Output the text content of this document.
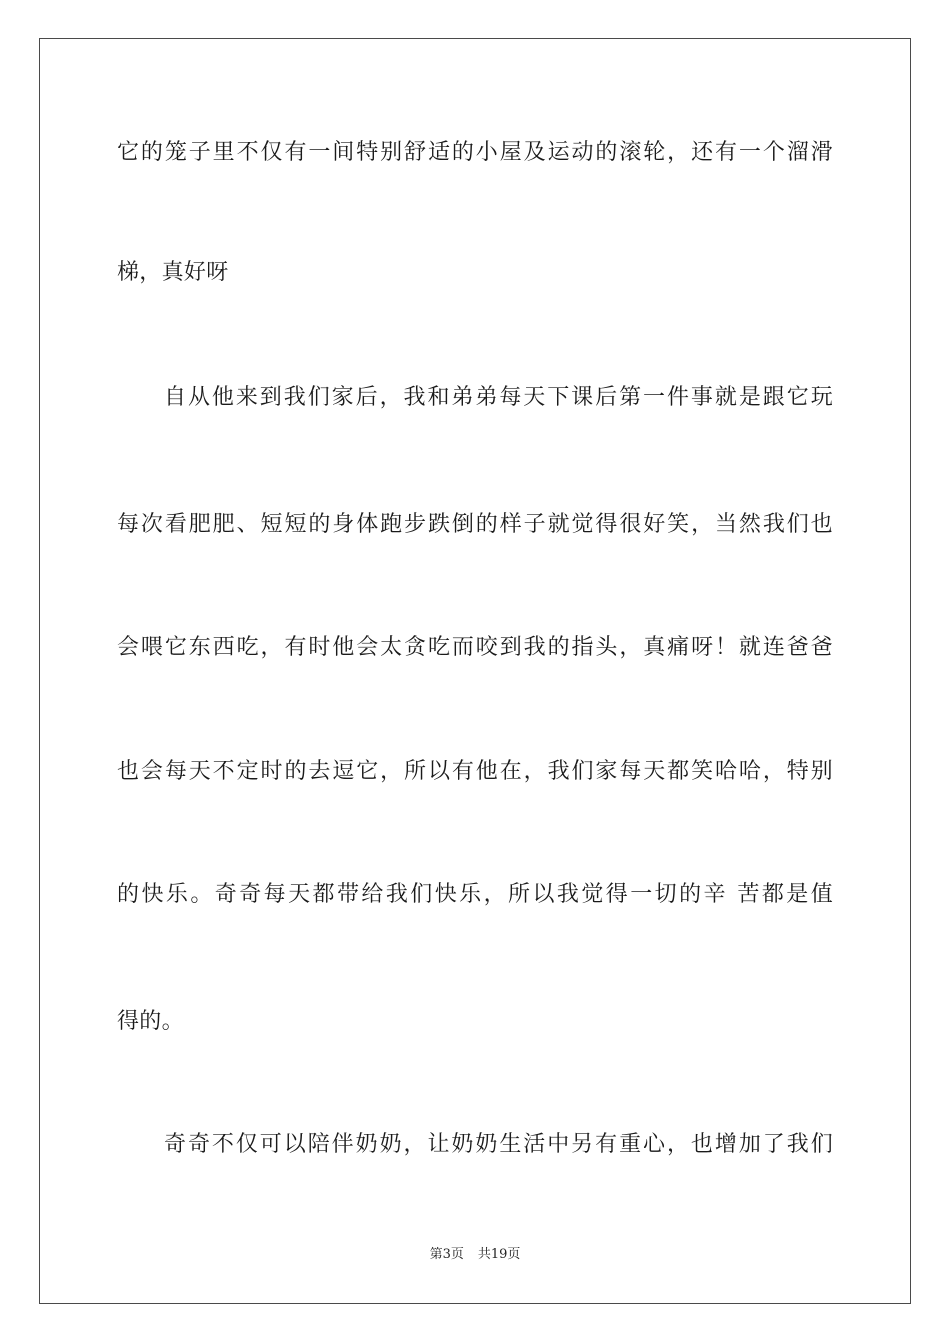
它的笼子里不仅有一间特别舒适的小屋及运动的滚轮，还有一个溜滑
梯，真好呀
自从他来到我们家后，我和弟弟每天下课后第一件事就是跟它玩
每次看肥肥、短短的身体跑步跌倒的样子就觉得很好笑，当然我们也
会喂它东西吃，有时他会太贪吃而咬到我的指头，真痛呀！就连爸爸
也会每天不定时的去逗它，所以有他在，我们家每天都笑哈哈，特别
的快乐。奇奇每天都带给我们快乐，所以我觉得一切的辛 苦都是值
得的。
奇奇不仅可以陪伴奶奶，让奶奶生活中另有重心，也增加了我们
第3页 共19页
